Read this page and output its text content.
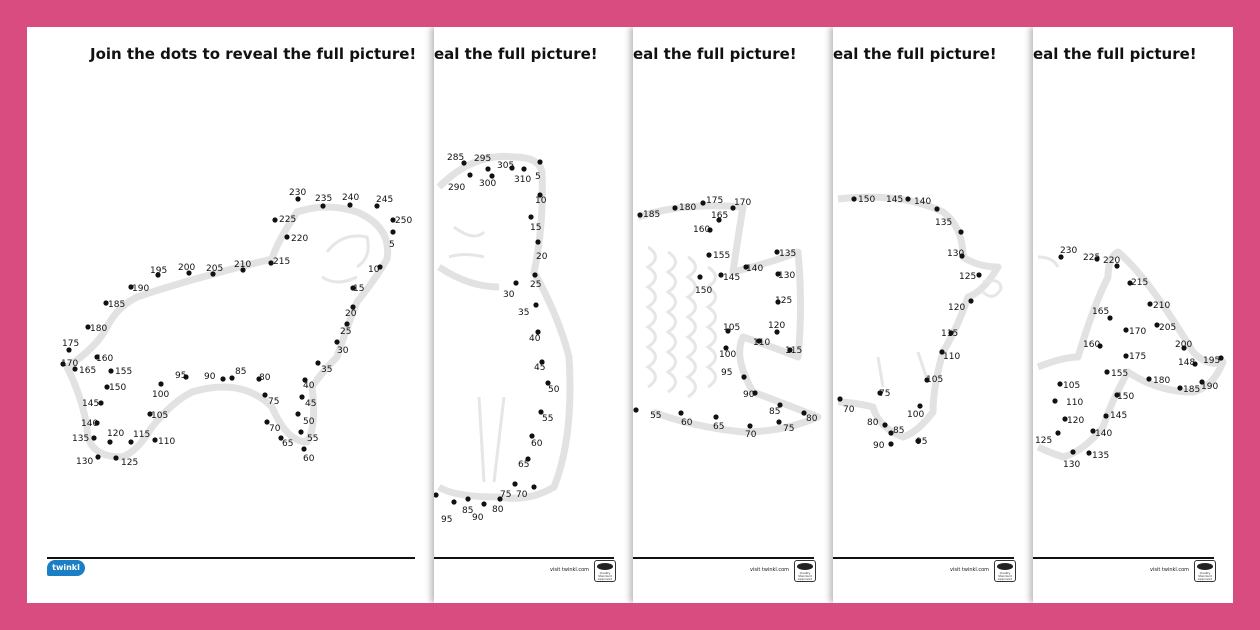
Join the dots to reveal the full picture!
5
10
15
20
25
30
35
40
45
50
55
60
65
70
75
80
85
90
95
100
105
110
115
120
125
130
135
140
145
150
155
160
165
170
175
180
185
190
195 200 205 210 215
220
225
230
235 240 245
250
twinkl
eal the full picture!
5
10
15
20
25
30
35
40
45
50
55
60
65
70
75
80
85
90
95
290
285 295
300
305
310
visit twinkl.com	Quality Standard Approved
eal the full picture!
55
60 65
70
75
80
85
90
95
100
105
110
115
120
125
130
135
140
145
150
155
160
165
170
175
180
185
visit twinkl.com	Quality Standard Approved
eal the full picture!
70
75
80
85
90	95
100
105
110
115
120
125
130
135
140
145
150
visit twinkl.com	Quality Standard Approved
eal the full picture!
105
110
120
125
130
135
140
145
148
150
155
160
165
170
175
180
185 190
195
200
205
210
215
220
225
230
visit twinkl.com	Quality Standard Approved
